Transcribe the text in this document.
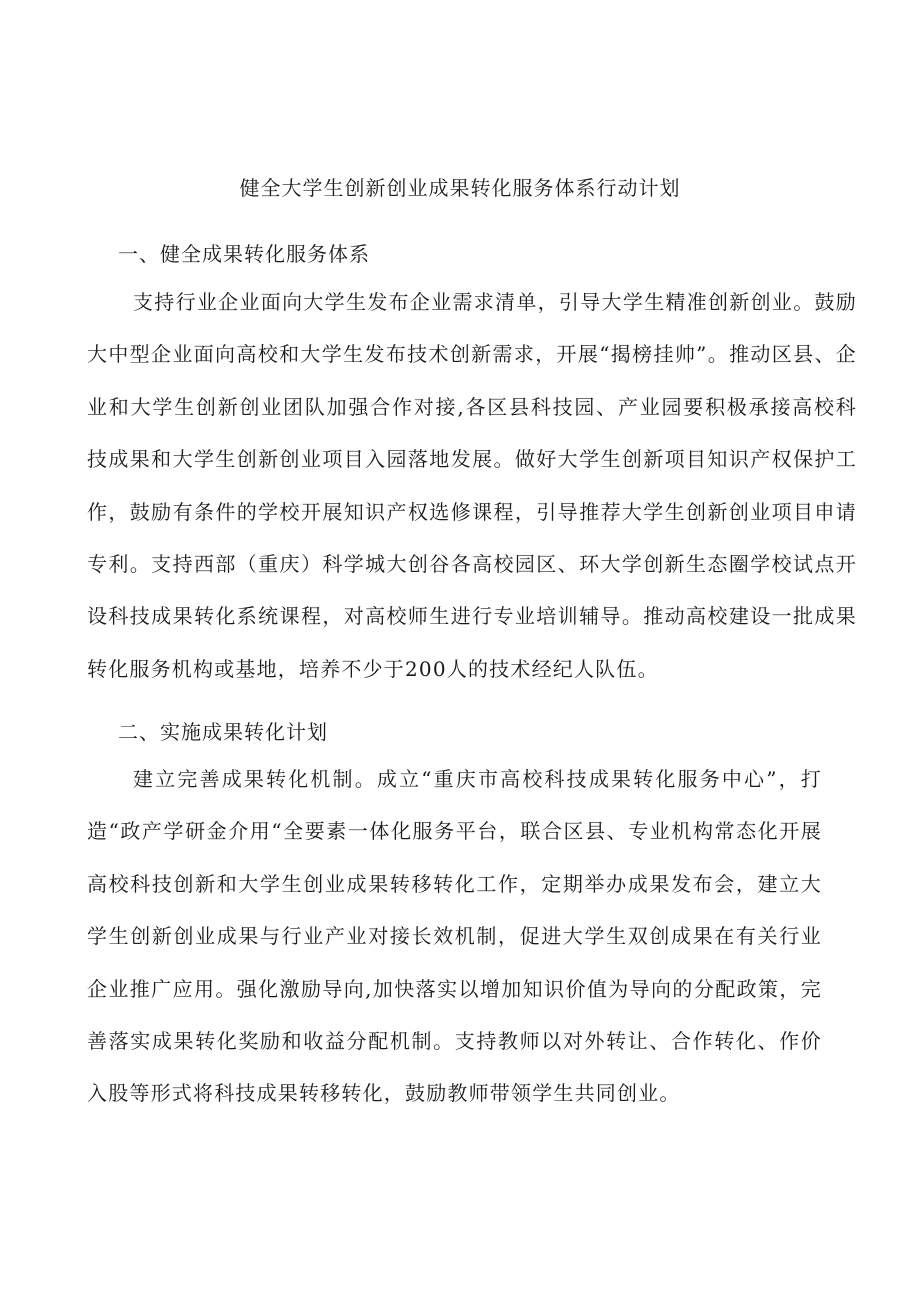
健全大学生创新创业成果转化服务体系行动计划
一、健全成果转化服务体系

支持行业企业面向大学生发布企业需求清单，引导大学生精准创新创业。鼓励大中型企业面向高校和大学生发布技术创新需求，开展“揭榜挂帅”。推动区县、企业和大学生创新创业团队加强合作对接,各区县科技园、产业园要积极承接高校科技成果和大学生创新创业项目入园落地发展。做好大学生创新项目知识产权保护工作，鼓励有条件的学校开展知识产权选修课程，引导推荐大学生创新创业项目申请专利。支持西部（重庆）科学城大创谷各高校园区、环大学创新生态圈学校试点开设科技成果转化系统课程，对高校师生进行专业培训辅导。推动高校建设一批成果转化服务机构或基地，培养不少于200人的技术经纪人队伍。

二、实施成果转化计划

建立完善成果转化机制。成立“重庆市高校科技成果转化服务中心”，打造“政产学研金介用“全要素一体化服务平台，联合区县、专业机构常态化开展高校科技创新和大学生创业成果转移转化工作，定期举办成果发布会，建立大学生创新创业成果与行业产业对接长效机制，促进大学生双创成果在有关行业企业推广应用。强化激励导向,加快落实以增加知识价值为导向的分配政策，完善落实成果转化奖励和收益分配机制。支持教师以对外转让、合作转化、作价入股等形式将科技成果转移转化，鼓励教师带领学生共同创业。
